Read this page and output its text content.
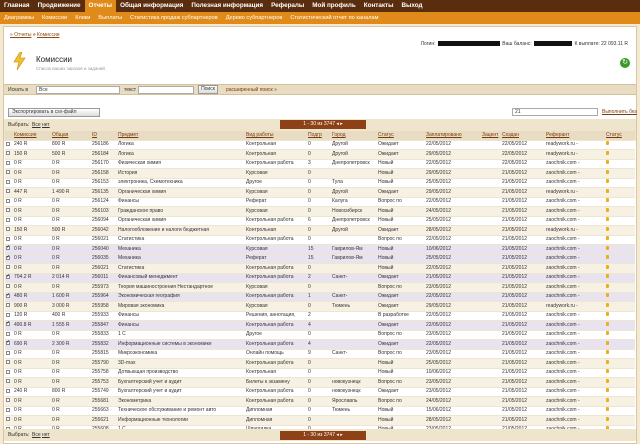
Главная	Продвижение	Отчеты	Общая информация	Полезная информация	Рефералы	Мой профиль	Контакты	Выход
Диаграммы	Комиссии	Клики	Выплаты	Статистика продаж субпартнеров	Дерево субпартнеров	Статистический отчет по каналам
» Отчеты » Комиссии
Логин:	Ваш баланс:	К выплате: 22 093.11 R
Комиссии
Список ваших заказов и заданий
↻
Искать в	Все	текст	Поиск	расширенный поиск »
Экспортировать в csv-файл	21	Выполнить без
Выбрать: Все нет	1 - 30 из 3747 ◂ ▸
	Комиссия	Общая	ID	Предмет	Вид работы	Подгр	Город	Статус	Заплатировано	Зацент	Создан	Реферант	Статус
	240 R	800 R	256186	Логика	Контрольная	0	Другой	Ожидает	22/05/2012		22/05/2012	readywork.ru -	
	150 R	500 R	256184	Логика	Контрольная	0	Другой	Ожидает	29/05/2012		22/05/2012	readywork.ru -	
	0 R	0 R	256170	Физическая химия	Контрольная работа	3	Днепропетровск	Новый	22/05/2012		22/05/2012	zaochnik.com -	
	0 R	0 R	256158	История	Курсовая	0		Новый	29/05/2012		21/05/2012	zaochnik.com -	
	0 R	0 R	256153	электроника, Схемотехника	Другое	0	Тула	Новый	25/05/2012		21/05/2012	zaochnik.com -	
	447 R	1 490 R	256135	Органическая химия	Курсовая	0	Другой	Ожидает	29/05/2012		21/05/2012	readywork.ru -	
	0 R	0 R	256124	Финансы	Реферат	0	Калуга	Вопрос по	22/05/2012		21/05/2012	zaochnik.com -	
	0 R	0 R	256103	Гражданское право	Курсовая	0	Новосибирск	Новый	24/05/2012		21/05/2012	zaochnik.com -	
	0 R	0 R	256094	Органическая химия	Контрольная работа	6	Днепропетровск	Новый	25/05/2012		21/05/2012	zaochnik.com -	
	150 R	500 R	256042	Налогообложение и налоги бюджетная	Контрольная	0	Другой	Ожидает	28/05/2012		21/05/2012	readywork.ru -	
	0 R	0 R	256021	Статистика	Контрольная работа	0		Вопрос по	22/05/2012		21/05/2012	zaochnik.com -	
✓	0 R	0 R	256040	Механика	Курсовая	15	Гаврилов-Ям	Новый	10/06/2012		21/05/2012	zaochnik.com -	
✓	0 R	0 R	256035	Механика	Реферат	15	Гаврилов-Ям	Новый	25/05/2012		21/05/2012	zaochnik.com -	
	0 R	0 R	256021	Статистика	Контрольная работа	0		Новый	22/05/2012		21/05/2012	zaochnik.com -	
✓	704.2 R	2 014 R	256011	Финансовый менеджмент	Контрольная работа	2	Санкт-	Ожидает	21/05/2012		21/05/2012	zaochnik.com -	
	0 R	0 R	255973	Теория машиностроения Нестандартное	Курсовая	0		Вопрос по	23/05/2012		21/05/2012	zaochnik.com -	
✓	480 R	1 600 R	255964	Экономическая география	Контрольная работа	1	Санкт-	Ожидает	22/05/2012		21/05/2012	zaochnik.com -	
	900 R	3 000 R	255958	Мировая экономика	Курсовая	0	Тюмень	Ожидает	29/05/2012		21/05/2012	readywork.ru -	
	120 R	400 R	255933	Финансы	Решения, аннотация,	2		В разработке	22/05/2012		21/05/2012	zaochnik.com -	
✓	490.8 R	1 555 R	255847	Финансы	Контрольная работа	4		Ожидает	22/05/2012		21/05/2012	zaochnik.com -	
	0 R	0 R	255833	1 C	Другое	0		Вопрос по	23/05/2012		21/05/2012	zaochnik.com -	
✓	690 R	2 300 R	255832	Информационные системы в экономике	Контрольная работа	4		Ожидает	22/05/2012		21/05/2012	zaochnik.com -	
	0 R	0 R	255815	Микроэкономика	Онлайн помощь	9	Санкт-	Вопрос по	23/05/2012		21/05/2012	zaochnik.com -	
	0 R	0 R	255790	3D-max	Контрольная работа	0		Новый	25/05/2012		21/05/2012	zaochnik.com -	
	0 R	0 R	255758	Дотвьющая производство	Контрольная	0		Новый	10/06/2012		21/05/2012	zaochnik.com -	
	0 R	0 R	255753	Бухгалтерский учет и аудит	Билеты к экзамену	0	новокузнецк	Вопрос по	23/05/2012		21/05/2012	zaochnik.com -	
	240 R	800 R	255749	Бухгалтерский учет и аудит	Контрольная работа	0	новокузнецк	Ожидает	23/05/2012		21/05/2012	zaochnik.com -	
	0 R	0 R	255681	Эконометрика	Контрольная работа	0	Ярославль	Вопрос по	24/05/2012		21/05/2012	zaochnik.com -	
	0 R	0 R	255663	Техническое обслуживание и ремонт авто	Дипломная	0	Тюмень	Новый	15/06/2012		21/05/2012	zaochnik.com -	
	0 R	0 R	255621	Информационные технологии	Дипломная	0		Новый	28/05/2012		21/05/2012	zaochnik.com -	

Выбрать: Все нет	1 - 30 из 3747 ◂ ▸
